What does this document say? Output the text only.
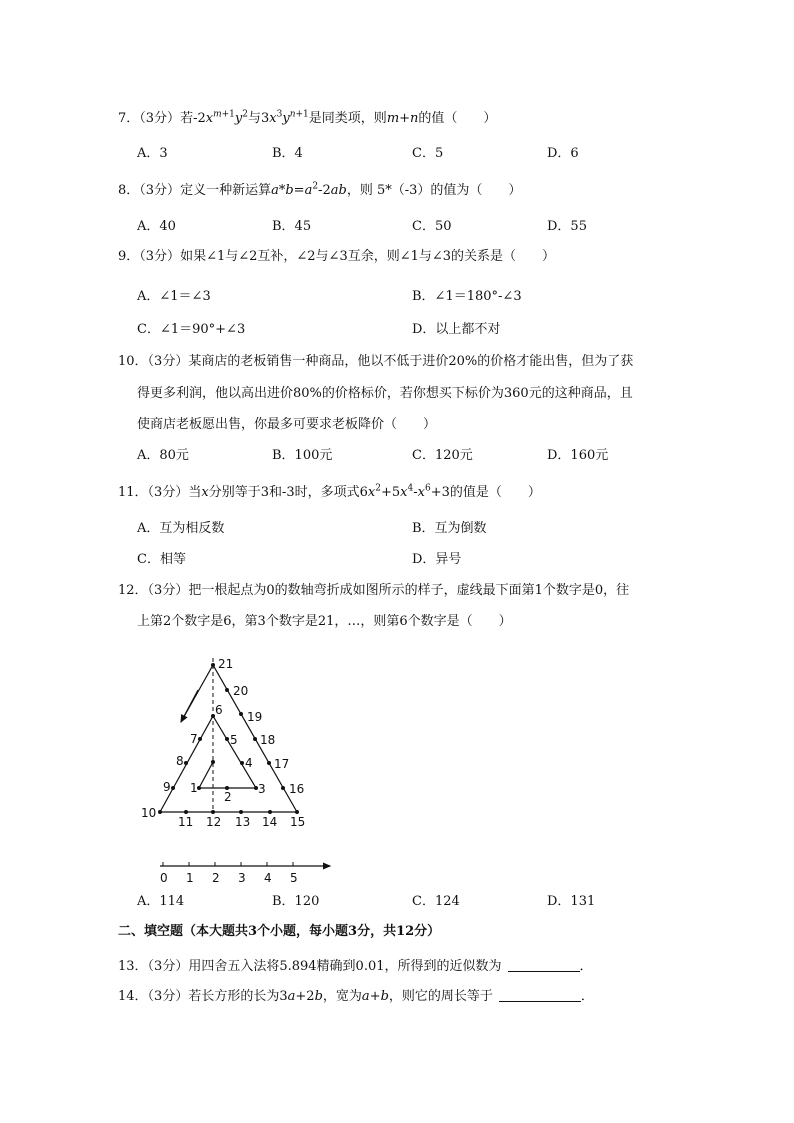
7．（3分）若$-2x^{m+1}y^2$与$3x^3y^{n+1}$是同类项，则m+n的值（　　）
A．3	B．4	C．5	D．6
8．（3分）定义一种新运算$a*b=a^2-2ab$，则 5*（-3）的值为（　　）
A．40	B．45	C．50	D．55
9．（3分）如果∠1与∠2互补，∠2与∠3互余，则∠1与∠3的关系是（　　）
A．∠1＝∠3	B．∠1＝180°-∠3
C．∠1＝90°+∠3	D．以上都不对
10．（3分）某商店的老板销售一种商品，他以不低于进价20%的价格才能出售，但为了获
得更多利润，他以高出进价80%的价格标价，若你想买下标价为360元的这种商品，且
使商店老板愿出售，你最多可要求老板降价（　　）
A．80元	B．100元	C．120元	D．160元
11．（3分）当x分别等于3和-3时，多项式$6x^2+5x^4-x^6+3$的值是（　　）
A．互为相反数	B．互为倒数
C．相等	D．异号
12．（3分）把一根起点为0的数轴弯折成如图所示的样子，虚线最下面第1个数字是0，往
上第2个数字是6，第3个数字是21，…，则第6个数字是（　　）
21
20
19
18
17
16
15
14
13
12
11
10
9
8
7
6
5
4
3
2
1
0 1 2 3 4 5
A．114	B．120	C．124	D．131
二、填空题（本大题共3个小题，每小题3分，共12分）
13．（3分）用四舍五入法将5.894精确到0.01，所得到的近似数为	．
14．（3分）若长方形的长为3a+2b，宽为a+b，则它的周长等于	．
